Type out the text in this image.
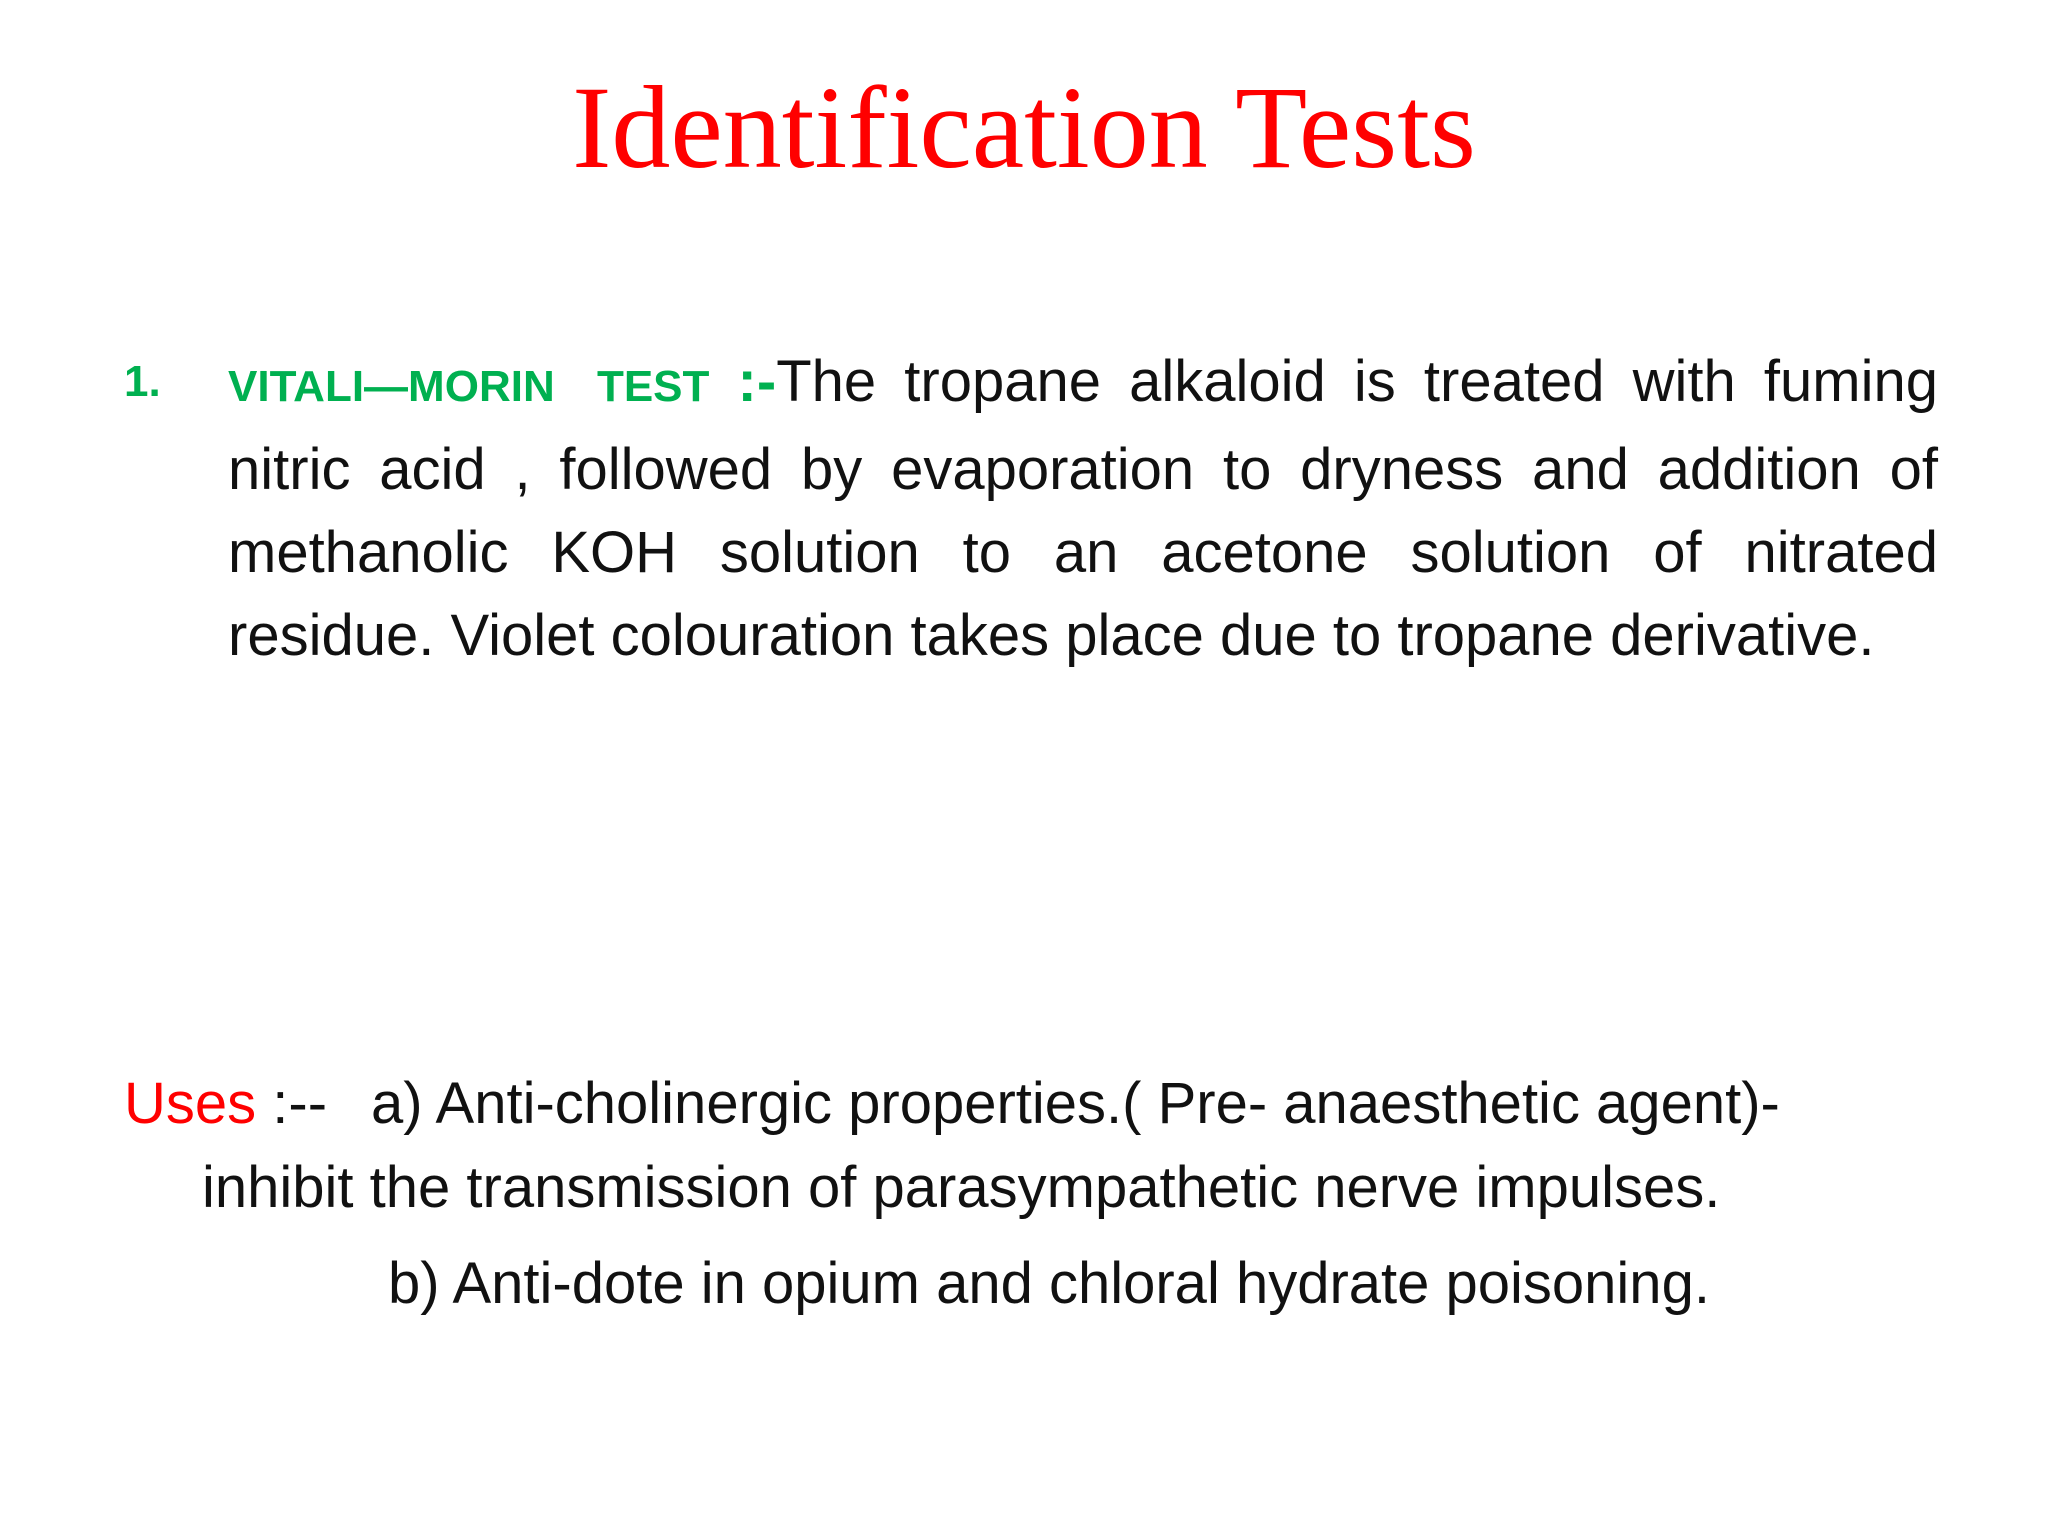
Identification Tests
1. VITALI—MORIN TEST :-The tropane alkaloid is treated with fuming nitric acid , followed by evaporation to dryness and addition of methanolic KOH solution to an acetone solution of nitrated residue. Violet colouration takes place due to tropane derivative.
Uses :-- a) Anti-cholinergic properties.( Pre- anaesthetic agent)-
inhibit the transmission of parasympathetic nerve impulses.
b) Anti-dote in opium and chloral hydrate poisoning.
